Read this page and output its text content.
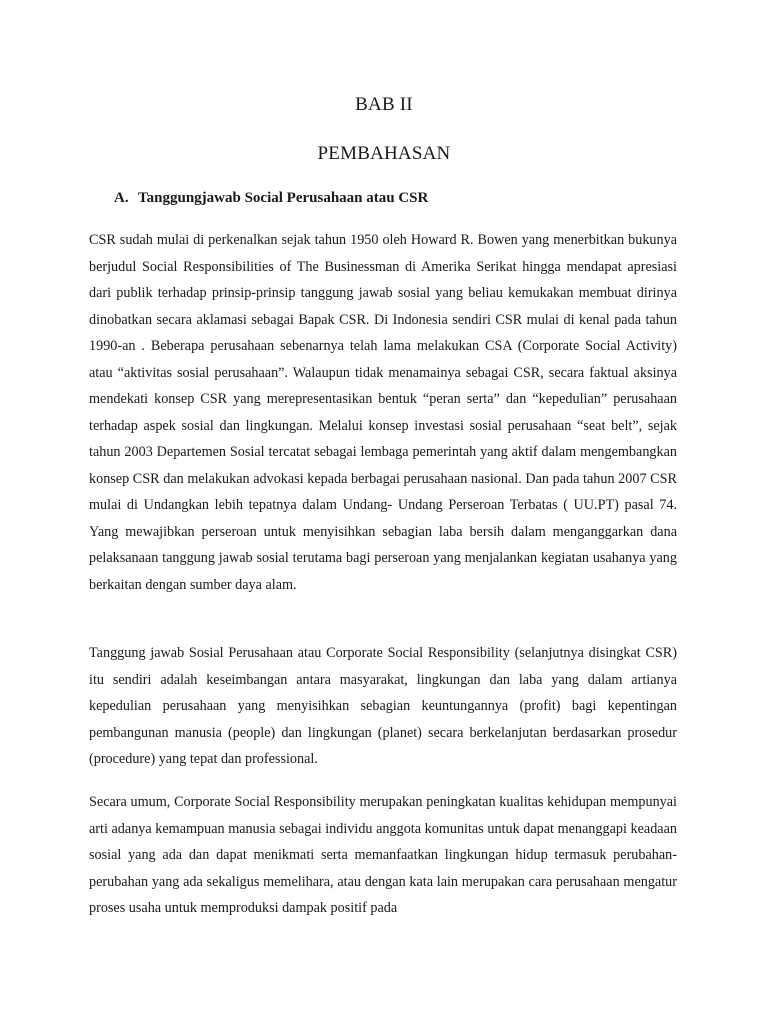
BAB II
PEMBAHASAN
A. Tanggungjawab Social Perusahaan atau CSR

CSR sudah mulai di perkenalkan sejak tahun 1950 oleh Howard R. Bowen yang menerbitkan bukunya berjudul Social Responsibilities of The Businessman di Amerika Serikat hingga mendapat apresiasi dari publik terhadap prinsip-prinsip tanggung jawab sosial yang beliau kemukakan membuat dirinya dinobatkan secara aklamasi sebagai Bapak CSR. Di Indonesia sendiri CSR mulai di kenal pada tahun 1990-an . Beberapa perusahaan sebenarnya telah lama melakukan CSA (Corporate Social Activity) atau “aktivitas sosial perusahaan”. Walaupun tidak menamainya sebagai CSR, secara faktual aksinya mendekati konsep CSR yang merepresentasikan bentuk “peran serta” dan “kepedulian” perusahaan terhadap aspek sosial dan lingkungan. Melalui konsep investasi sosial perusahaan “seat belt”, sejak tahun 2003 Departemen Sosial tercatat sebagai lembaga pemerintah yang aktif dalam mengembangkan konsep CSR dan melakukan advokasi kepada berbagai perusahaan nasional. Dan pada tahun 2007 CSR mulai di Undangkan lebih tepatnya dalam Undang- Undang Perseroan Terbatas ( UU.PT) pasal 74. Yang mewajibkan perseroan untuk menyisihkan sebagian laba bersih dalam menganggarkan dana pelaksanaan tanggung jawab sosial terutama bagi perseroan yang menjalankan kegiatan usahanya yang berkaitan dengan sumber daya alam.

Tanggung jawab Sosial Perusahaan atau Corporate Social Responsibility (selanjutnya disingkat CSR) itu sendiri adalah keseimbangan antara masyarakat, lingkungan dan laba yang dalam artianya kepedulian perusahaan yang menyisihkan sebagian keuntungannya (profit) bagi kepentingan pembangunan manusia (people) dan lingkungan (planet) secara berkelanjutan berdasarkan prosedur (procedure) yang tepat dan professional.

Secara umum, Corporate Social Responsibility merupakan peningkatan kualitas kehidupan mempunyai arti adanya kemampuan manusia sebagai individu anggota komunitas untuk dapat menanggapi keadaan sosial yang ada dan dapat menikmati serta memanfaatkan lingkungan hidup termasuk perubahan-perubahan yang ada sekaligus memelihara, atau dengan kata lain merupakan cara perusahaan mengatur proses usaha untuk memproduksi dampak positif pada
